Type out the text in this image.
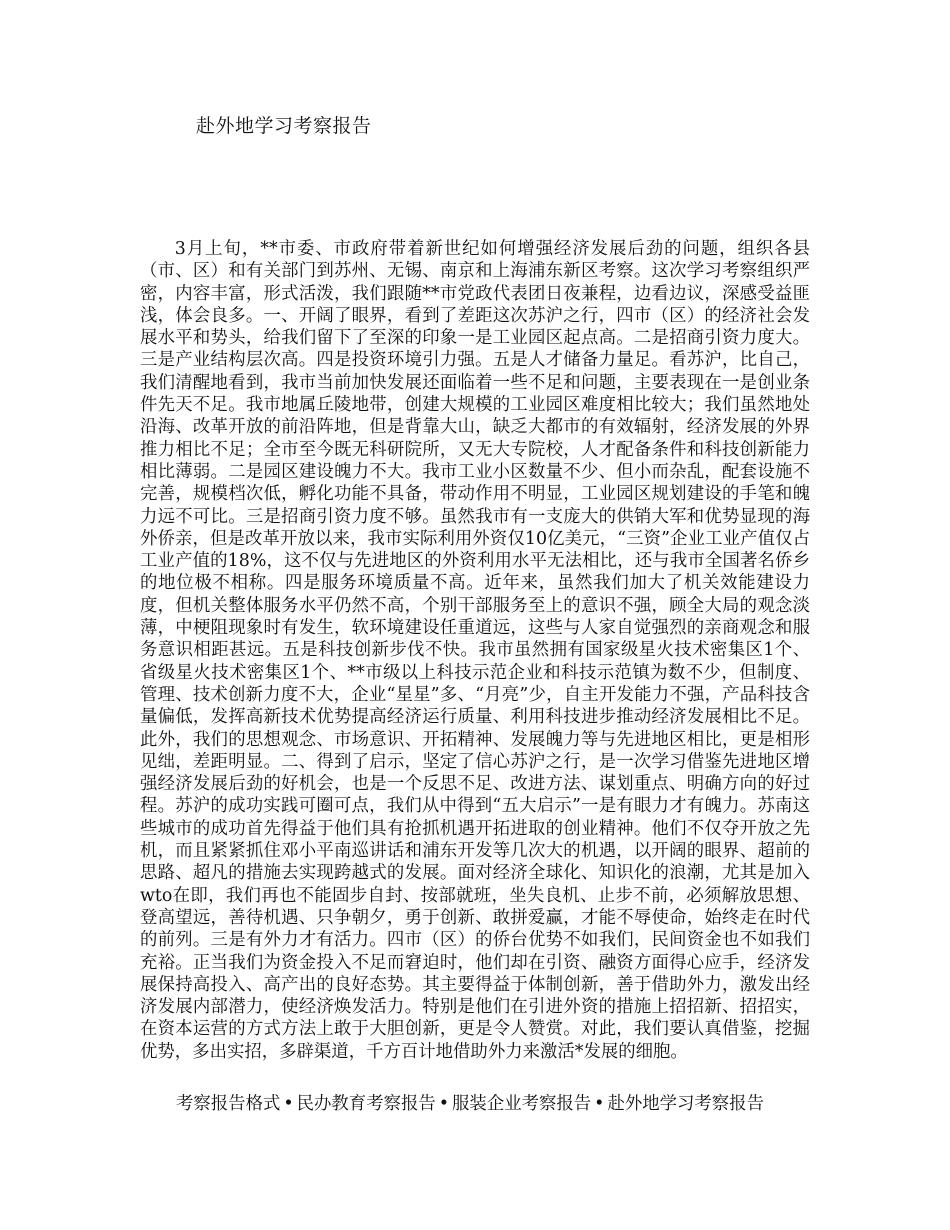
赴外地学习考察报告

3月上旬，**市委、市政府带着新世纪如何增强经济发展后劲的问题，组织各县（市、区）和有关部门到苏州、无锡、南京和上海浦东新区考察。这次学习考察组织严密，内容丰富，形式活泼，我们跟随**市党政代表团日夜兼程，边看边议，深感受益匪浅，体会良多。一、开阔了眼界，看到了差距这次苏沪之行，四市（区）的经济社会发展水平和势头，给我们留下了至深的印象一是工业园区起点高。二是招商引资力度大。三是产业结构层次高。四是投资环境引力强。五是人才储备力量足。看苏沪，比自己，我们清醒地看到，我市当前加快发展还面临着一些不足和问题，主要表现在一是创业条件先天不足。我市地属丘陵地带，创建大规模的工业园区难度相比较大；我们虽然地处沿海、改革开放的前沿阵地，但是背靠大山，缺乏大都市的有效辐射，经济发展的外界推力相比不足；全市至今既无科研院所，又无大专院校，人才配备条件和科技创新能力相比薄弱。二是园区建设魄力不大。我市工业小区数量不少、但小而杂乱，配套设施不完善，规模档次低，孵化功能不具备，带动作用不明显，工业园区规划建设的手笔和魄力远不可比。三是招商引资力度不够。虽然我市有一支庞大的供销大军和优势显现的海外侨亲，但是改革开放以来，我市实际利用外资仅10亿美元，“三资”企业工业产值仅占工业产值的18%，这不仅与先进地区的外资利用水平无法相比，还与我市全国著名侨乡的地位极不相称。四是服务环境质量不高。近年来，虽然我们加大了机关效能建设力度，但机关整体服务水平仍然不高，个别干部服务至上的意识不强，顾全大局的观念淡薄，中梗阻现象时有发生，软环境建设任重道远，这些与人家自觉强烈的亲商观念和服务意识相距甚远。五是科技创新步伐不快。我市虽然拥有国家级星火技术密集区1个、省级星火技术密集区1个、**市级以上科技示范企业和科技示范镇为数不少，但制度、管理、技术创新力度不大，企业“星星”多、“月亮”少，自主开发能力不强，产品科技含量偏低，发挥高新技术优势提高经济运行质量、利用科技进步推动经济发展相比不足。此外，我们的思想观念、市场意识、开拓精神、发展魄力等与先进地区相比，更是相形见绌，差距明显。二、得到了启示，坚定了信心苏沪之行，是一次学习借鉴先进地区增强经济发展后劲的好机会，也是一个反思不足、改进方法、谋划重点、明确方向的好过程。苏沪的成功实践可圈可点，我们从中得到“五大启示”一是有眼力才有魄力。苏南这些城市的成功首先得益于他们具有抢抓机遇开拓进取的创业精神。他们不仅夺开放之先机，而且紧紧抓住邓小平南巡讲话和浦东开发等几次大的机遇，以开阔的眼界、超前的思路、超凡的措施去实现跨越式的发展。面对经济全球化、知识化的浪潮，尤其是加入wto在即，我们再也不能固步自封、按部就班，坐失良机、止步不前，必须解放思想、登高望远，善待机遇、只争朝夕，勇于创新、敢拼爱赢，才能不辱使命，始终走在时代的前列。三是有外力才有活力。四市（区）的侨台优势不如我们，民间资金也不如我们充裕。正当我们为资金投入不足而窘迫时，他们却在引资、融资方面得心应手，经济发展保持高投入、高产出的良好态势。其主要得益于体制创新，善于借助外力，激发出经济发展内部潜力，使经济焕发活力。特别是他们在引进外资的措施上招招新、招招实，在资本运营的方式方法上敢于大胆创新，更是令人赞赏。对此，我们要认真借鉴，挖掘优势，多出实招，多辟渠道，千方百计地借助外力来激活*发展的细胞。

考察报告格式 • 民办教育考察报告 • 服装企业考察报告 • 赴外地学习考察报告
